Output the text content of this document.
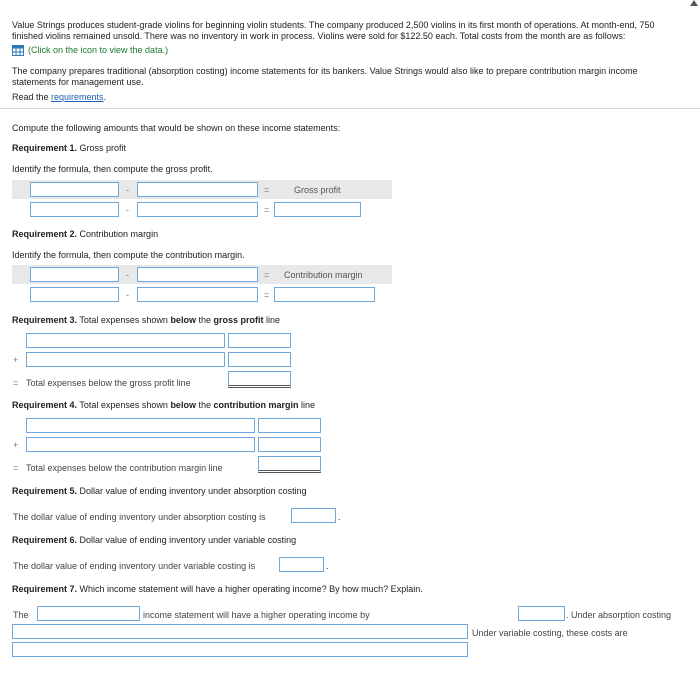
Value Strings produces student-grade violins for beginning violin students. The company produced 2,500 violins in its first month of operations. At month-end, 750
finished violins remained unsold. There was no inventory in work in process. Violins were sold for $122.50 each. Total costs from the month are as follows:
(Click on the icon to view the data.)
The company prepares traditional (absorption costing) income statements for its bankers. Value Strings would also like to prepare contribution margin income
statements for management use.
Read the requirements.
Compute the following amounts that would be shown on these income statements:
Requirement 1. Gross profit
Identify the formula, then compute the gross profit.
-	=	Gross profit
-	=
Requirement 2. Contribution margin
Identify the formula, then compute the contribution margin.
-	= Contribution margin
-	=
Requirement 3. Total expenses shown below the gross profit line
+
= Total expenses below the gross profit line
Requirement 4. Total expenses shown below the contribution margin line
+
= Total expenses below the contribution margin line
Requirement 5. Dollar value of ending inventory under absorption costing
The dollar value of ending inventory under absorption costing is	.
Requirement 6. Dollar value of ending inventory under variable costing
The dollar value of ending inventory under variable costing is	.
Requirement 7. Which income statement will have a higher operating income? By how much? Explain.
The	income statement will have a higher operating income by	. Under absorption costing
Under variable costing, these costs are
